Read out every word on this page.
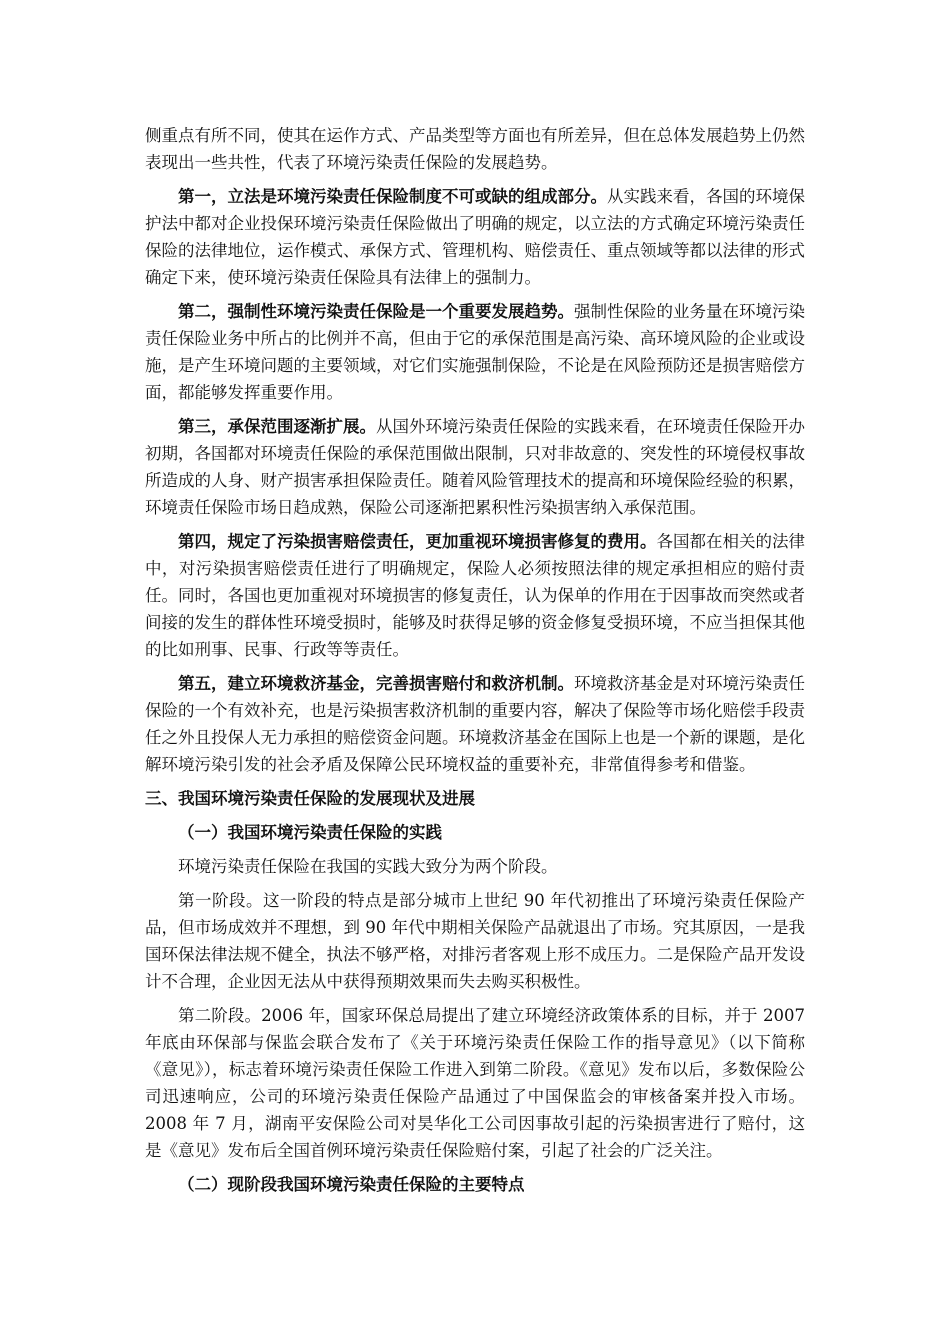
侧重点有所不同，使其在运作方式、产品类型等方面也有所差异，但在总体发展趋势上仍然表现出一些共性，代表了环境污染责任保险的发展趋势。

第一，立法是环境污染责任保险制度不可或缺的组成部分。从实践来看，各国的环境保护法中都对企业投保环境污染责任保险做出了明确的规定，以立法的方式确定环境污染责任保险的法律地位，运作模式、承保方式、管理机构、赔偿责任、重点领域等都以法律的形式确定下来，使环境污染责任保险具有法律上的强制力。

第二，强制性环境污染责任保险是一个重要发展趋势。强制性保险的业务量在环境污染责任保险业务中所占的比例并不高，但由于它的承保范围是高污染、高环境风险的企业或设施，是产生环境问题的主要领域，对它们实施强制保险，不论是在风险预防还是损害赔偿方面，都能够发挥重要作用。

第三，承保范围逐渐扩展。从国外环境污染责任保险的实践来看，在环境责任保险开办初期，各国都对环境责任保险的承保范围做出限制，只对非故意的、突发性的环境侵权事故所造成的人身、财产损害承担保险责任。随着风险管理技术的提高和环境保险经验的积累，环境责任保险市场日趋成熟，保险公司逐渐把累积性污染损害纳入承保范围。

第四，规定了污染损害赔偿责任，更加重视环境损害修复的费用。各国都在相关的法律中，对污染损害赔偿责任进行了明确规定，保险人必须按照法律的规定承担相应的赔付责任。同时，各国也更加重视对环境损害的修复责任，认为保单的作用在于因事故而突然或者间接的发生的群体性环境受损时，能够及时获得足够的资金修复受损环境，不应当担保其他的比如刑事、民事、行政等等责任。

第五，建立环境救济基金，完善损害赔付和救济机制。环境救济基金是对环境污染责任保险的一个有效补充，也是污染损害救济机制的重要内容，解决了保险等市场化赔偿手段责任之外且投保人无力承担的赔偿资金问题。环境救济基金在国际上也是一个新的课题，是化解环境污染引发的社会矛盾及保障公民环境权益的重要补充，非常值得参考和借鉴。

三、我国环境污染责任保险的发展现状及进展
（一）我国环境污染责任保险的实践

环境污染责任保险在我国的实践大致分为两个阶段。

第一阶段。这一阶段的特点是部分城市上世纪 90 年代初推出了环境污染责任保险产品，但市场成效并不理想，到 90 年代中期相关保险产品就退出了市场。究其原因，一是我国环保法律法规不健全，执法不够严格，对排污者客观上形不成压力。二是保险产品开发设计不合理，企业因无法从中获得预期效果而失去购买积极性。

第二阶段。2006 年，国家环保总局提出了建立环境经济政策体系的目标，并于 2007 年底由环保部与保监会联合发布了《关于环境污染责任保险工作的指导意见》（以下简称《意见》），标志着环境污染责任保险工作进入到第二阶段。《意见》发布以后，多数保险公司迅速响应，公司的环境污染责任保险产品通过了中国保监会的审核备案并投入市场。2008 年 7 月，湖南平安保险公司对昊华化工公司因事故引起的污染损害进行了赔付，这是《意见》发布后全国首例环境污染责任保险赔付案，引起了社会的广泛关注。

（二）现阶段我国环境污染责任保险的主要特点
